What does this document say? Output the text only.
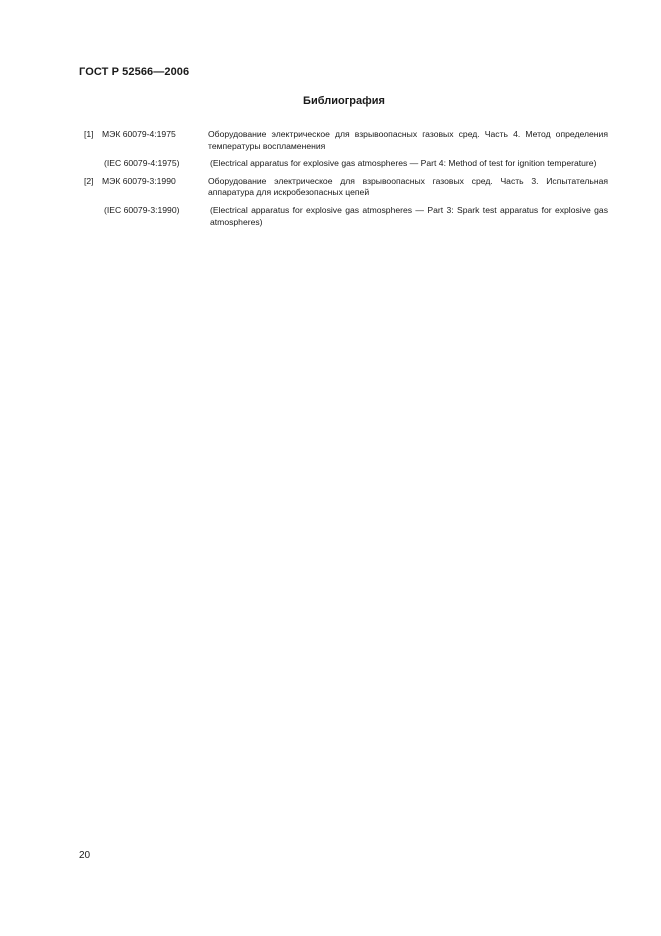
ГОСТ Р 52566—2006
Библиография
[1] МЭК 60079-4:1975	Оборудование электрическое для взрывоопасных газовых сред. Часть 4. Метод определения температуры воспламенения
(IEC 60079-4:1975)	(Electrical apparatus for explosive gas atmospheres — Part 4: Method of test for ignition temperature)
[2] МЭК 60079-3:1990	Оборудование электрическое для взрывоопасных газовых сред. Часть 3. Испытательная аппаратура для искробезопасных цепей
(IEC 60079-3:1990)	(Electrical apparatus for explosive gas atmospheres — Part 3: Spark test apparatus for explosive gas atmospheres)
20
